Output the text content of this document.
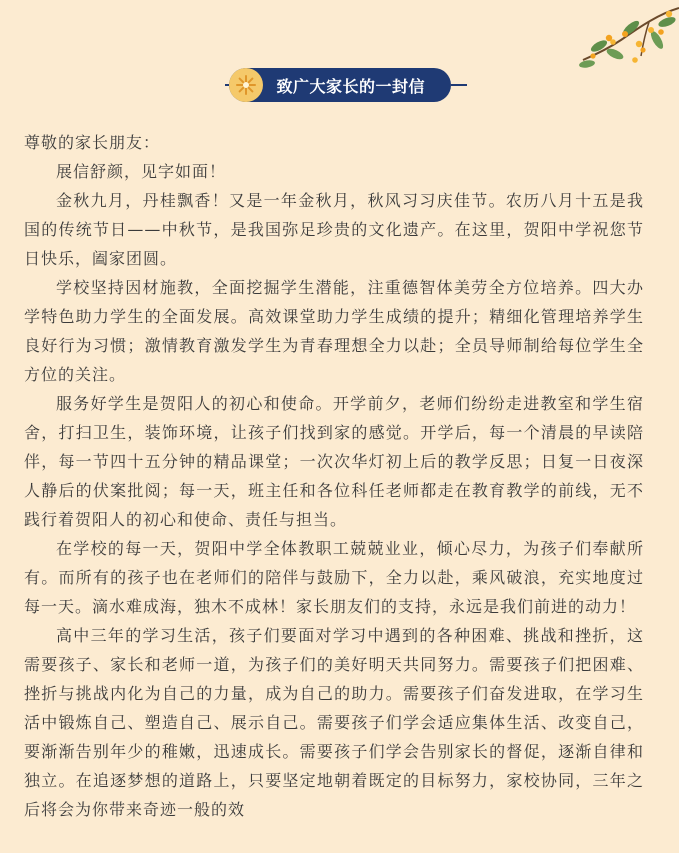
致广大家长的一封信

尊敬的家长朋友：

展信舒颜，见字如面！

金秋九月，丹桂飘香！又是一年金秋月，秋风习习庆佳节。农历八月十五是我国的传统节日——中秋节，是我国弥足珍贵的文化遗产。在这里，贺阳中学祝您节日快乐，阖家团圆。

学校坚持因材施教，全面挖掘学生潜能，注重德智体美劳全方位培养。四大办学特色助力学生的全面发展。高效课堂助力学生成绩的提升；精细化管理培养学生良好行为习惯；激情教育激发学生为青春理想全力以赴；全员导师制给每位学生全方位的关注。

服务好学生是贺阳人的初心和使命。开学前夕，老师们纷纷走进教室和学生宿舍，打扫卫生，装饰环境，让孩子们找到家的感觉。开学后，每一个清晨的早读陪伴，每一节四十五分钟的精品课堂；一次次华灯初上后的教学反思；日复一日夜深人静后的伏案批阅；每一天，班主任和各位科任老师都走在教育教学的前线，无不践行着贺阳人的初心和使命、责任与担当。

在学校的每一天，贺阳中学全体教职工兢兢业业，倾心尽力，为孩子们奉献所有。而所有的孩子也在老师们的陪伴与鼓励下，全力以赴，乘风破浪，充实地度过每一天。滴水难成海，独木不成林！家长朋友们的支持，永远是我们前进的动力！

高中三年的学习生活，孩子们要面对学习中遇到的各种困难、挑战和挫折，这需要孩子、家长和老师一道，为孩子们的美好明天共同努力。需要孩子们把困难、挫折与挑战内化为自己的力量，成为自己的助力。需要孩子们奋发进取，在学习生活中锻炼自己、塑造自己、展示自己。需要孩子们学会适应集体生活、改变自己，要渐渐告别年少的稚嫩，迅速成长。需要孩子们学会告别家长的督促，逐渐自律和独立。在追逐梦想的道路上，只要坚定地朝着既定的目标努力，家校协同，三年之后将会为你带来奇迹一般的效
